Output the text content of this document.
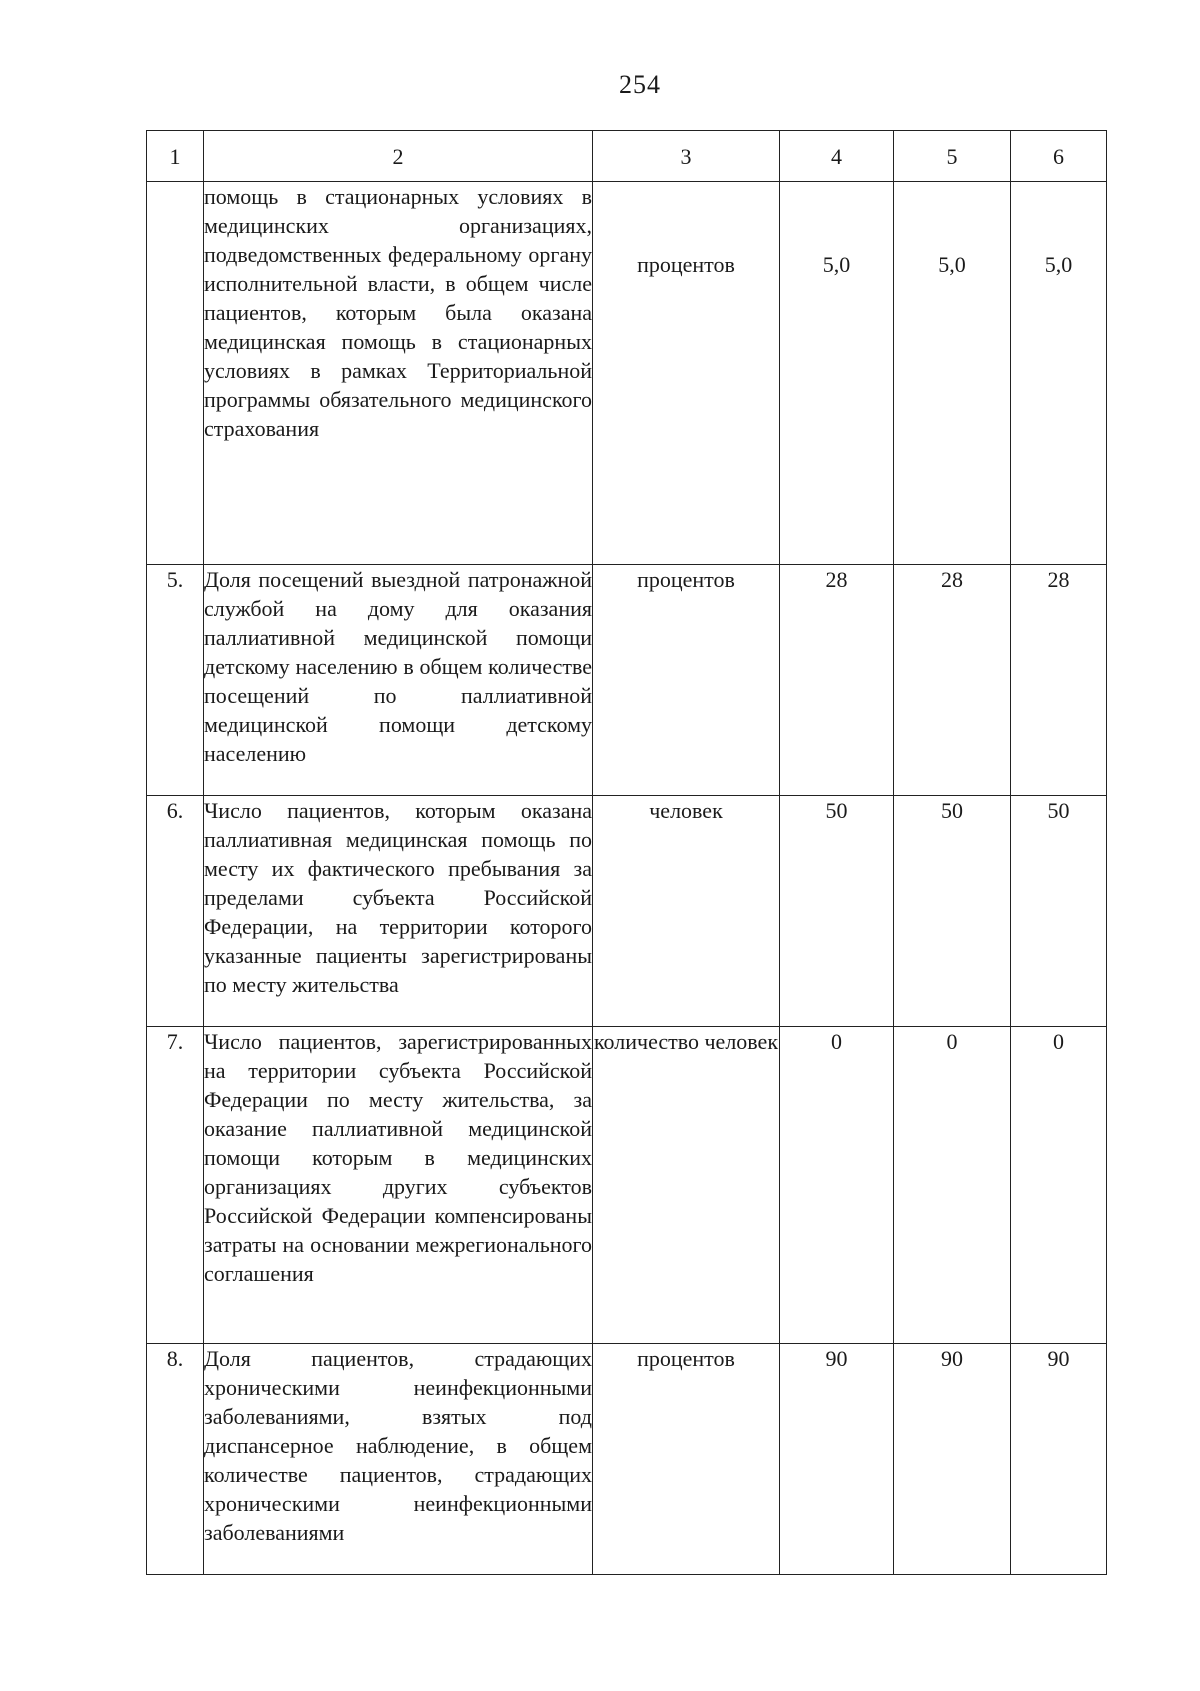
254
1	2	3	4	5	6
	помощь в стационарных условиях в медицинских организациях, подведомственных федеральному органу исполнительной власти, в общем числе пациентов, которым была оказана медицинская помощь в стационарных условиях в рамках Территориальной программы обязательного медицинского страхования	процентов	5,0	5,0	5,0
5.	Доля посещений выездной патронажной службой на дому для оказания паллиативной медицинской помощи детскому населению в общем количестве посещений по паллиативной медицинской помощи детскому населению	процентов	28	28	28
6.	Число пациентов, которым оказана паллиативная медицинская помощь по месту их фактического пребывания за пределами субъекта Российской Федерации, на территории которого указанные пациенты зарегистрированы по месту жительства	человек	50	50	50
7.	Число пациентов, зарегистрированных на территории субъекта Российской Федерации по месту жительства, за оказание паллиативной медицинской помощи которым в медицинских организациях других субъектов Российской Федерации компенсированы затраты на основании межрегионального соглашения	количество человек	0	0	0
8.	Доля пациентов, страдающих хроническими неинфекционными заболеваниями, взятых под диспансерное наблюдение, в общем количестве пациентов, страдающих хроническими неинфекционными заболеваниями	процентов	90	90	90
